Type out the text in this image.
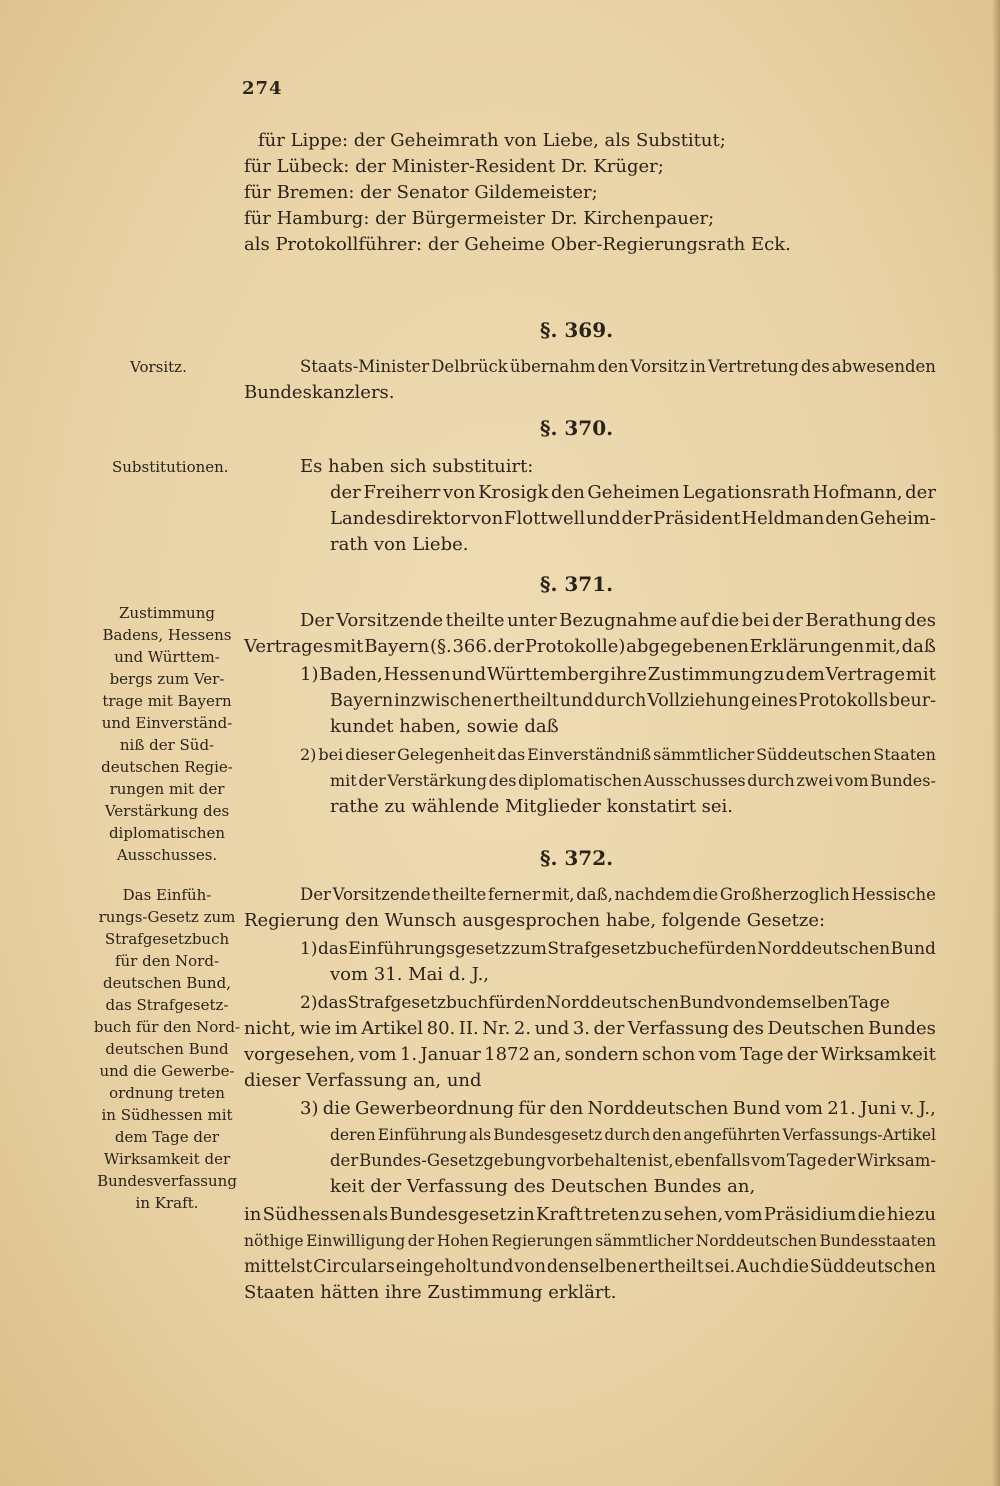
274
für Lippe: der Geheimrath von Liebe, als Substitut;
für Lübeck: der Minister-Resident Dr. Krüger;
für Bremen: der Senator Gildemeister;
für Hamburg: der Bürgermeister Dr. Kirchenpauer;
als Protokollführer: der Geheime Ober-Regierungsrath Eck.
§. 369.
Vorsitz.	Staats-Minister Delbrück übernahm den Vorsitz in Vertretung des abwesenden
Bundeskanzlers.
§. 370.
Substitutionen.	Es haben sich substituirt:
der Freiherr von Krosigk den Geheimen Legationsrath Hofmann, der
Landesdirektor von Flottwell und der Präsident Heldman den Geheim-
rath von Liebe.
§. 371.
Zustimmung
Badens, Hessens
und Württem-
bergs zum Ver-
trage mit Bayern
und Einverständ-
niß der Süd-
deutschen Regie-
rungen mit der
Verstärkung des
diplomatischen
Ausschusses.
Der Vorsitzende theilte unter Bezugnahme auf die bei der Berathung des
Vertrages mit Bayern (§. 366. der Protokolle) abgegebenen Erklärungen mit, daß
1) Baden, Hessen und Württemberg ihre Zustimmung zu dem Vertrage mit
Bayern inzwischen ertheilt und durch Vollziehung eines Protokolls beur-
kundet haben, sowie daß
2) bei dieser Gelegenheit das Einverständniß sämmtlicher Süddeutschen Staaten
mit der Verstärkung des diplomatischen Ausschusses durch zwei vom Bundes-
rathe zu wählende Mitglieder konstatirt sei.
§. 372.
Das Einfüh-
rungs-Gesetz zum
Strafgesetzbuch
für den Nord-
deutschen Bund,
das Strafgesetz-
buch für den Nord-
deutschen Bund
und die Gewerbe-
ordnung treten
in Südhessen mit
dem Tage der
Wirksamkeit der
Bundesverfassung
in Kraft.
Der Vorsitzende theilte ferner mit, daß, nachdem die Großherzoglich Hessische
Regierung den Wunsch ausgesprochen habe, folgende Gesetze:
1) das Einführungsgesetz zum Strafgesetzbuche für den Norddeutschen Bund
vom 31. Mai d. J.,
2) das Strafgesetzbuch für den Norddeutschen Bund von demselben Tage
nicht, wie im Artikel 80. II. Nr. 2. und 3. der Verfassung des Deutschen Bundes
vorgesehen, vom 1. Januar 1872 an, sondern schon vom Tage der Wirksamkeit
dieser Verfassung an, und
3) die Gewerbeordnung für den Norddeutschen Bund vom 21. Juni v. J.,
deren Einführung als Bundesgesetz durch den angeführten Verfassungs-Artikel
der Bundes-Gesetzgebung vorbehalten ist, ebenfalls vom Tage der Wirksam-
keit der Verfassung des Deutschen Bundes an,
in Südhessen als Bundesgesetz in Kraft treten zu sehen, vom Präsidium die hiezu
nöthige Einwilligung der Hohen Regierungen sämmtlicher Norddeutschen Bundesstaaten
mittelst Circulars eingeholt und von denselben ertheilt sei. Auch die Süddeutschen
Staaten hätten ihre Zustimmung erklärt.
